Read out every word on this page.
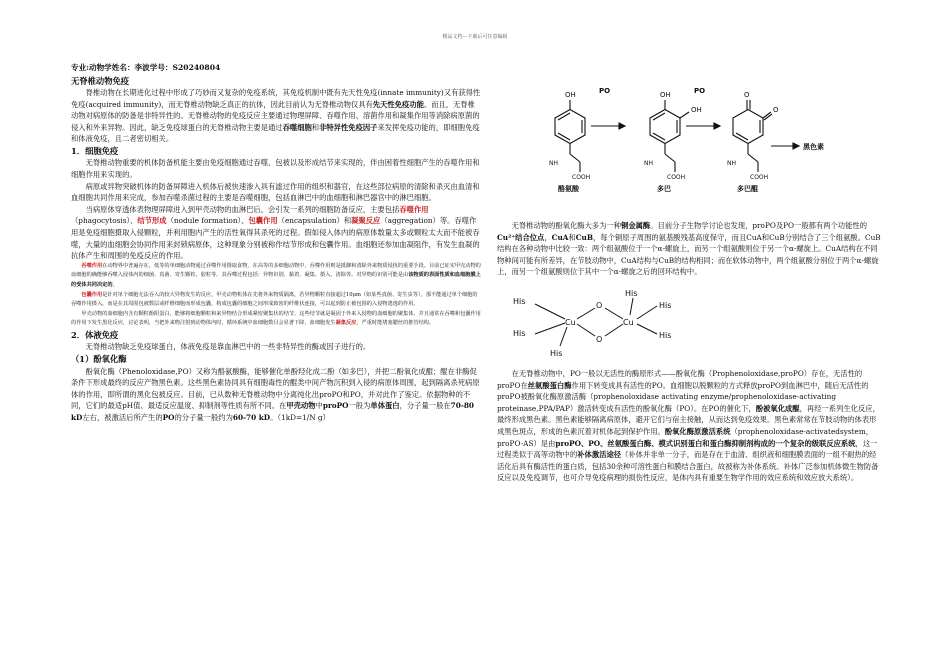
精品文档---下载后可任意编辑

专业:动物学姓名：李波学号：S20240804

无脊椎动物免疫

脊椎动物在长期进化过程中形成了巧妙而又复杂的免疫系统，其免疫机制中既有先天性免疫(innate immunity)又有获得性免疫(acquired immunity)，而无脊椎动物缺乏真正的抗体，因此目前认为无脊椎动物仅具有先天性免疫功能。而且，无脊椎动物对病原体的防备是非特异性的。无脊椎动物的免疫反应主要通过物理屏障、吞噬作用、溶菌作用和凝集作用等消除病原菌的侵入和外来异物。因此，缺乏免疫球蛋白的无脊椎动物主要是通过吞噬细胞和非特异性免疫因子来发挥免疫功能的，即细胞免疫和体液免疫，且二者密切相关。

1．细胞免疫

无脊椎动物重要的机体防备机能主要由免疫细胞通过吞噬、包被以及形成结节来实现的，伴由困着性细胞产生的吞噬作用和细胞作用来实现的。

病原或异物突破机体的防备屏障进入机体后被快速渗入具有滤过作用的组织和器官，在这些部位病原的清除和杀灭由血清和血细胞共同作用来完成，参加吞噬杀菌过程的主要是吞噬细胞，包括血淋巴中的血细胞和淋巴器官中的淋巴细胞。

当病原体穿透体表物理屏障进入到甲壳动物的血淋巴后，会引发一系列的细胞防备反应，主要包括吞噬作用（phagocytosis）、结节形成（nodule formation）、包囊作用（encapsulation）和凝聚反应（aggregation）等。吞噬作用是免疫细胞摄取入侵颗粒，并利用胞内产生的活性氧得其杀死的过程。假如侵入体内的病原体数量太多或颗粒太大而不能被吞噬，大量的血细胞会协同作用来封锁病原体，这种现象分别被称作结节形成和包囊作用。血细胞还参加血凝阻作，有发生血凝的抗体产生和周围的免疫反应的作用。

吞噬作用在动物界中普遍存在，低等的单细胞动物通过吞噬作用摄取食物，在高等的多细胞动物中，吞噬作用则是抵御和清除外来物质侵扰的重要手段。目前已证实甲壳动物的血细胞的确能够吞噬入侵体内的细菌、真菌、寄生颗粒、胶粒等。其吞噬过程包括：异物识别、黏着、凝集、摄入、清除等。对异物的识别可能是由该物质的表面性质和血细胞膜上的受体共同决定的。

包囊作用是针对单个细胞无法吞入的较大异物发生的反应，甲壳动物机体在先将外来物质隔离，若异物颗粒直接超过10μm（如某些真菌、寄生虫等），那不能通过单个细胞的吞噬作用摄入，而是在其周围包被数层或纤维细胞而形成包囊，构成包囊的细胞之间形成致密的纤维状连接，可以起到防止被包围的入侵物逃逸的作用。

甲壳动物的血细胞内含有颗粒酚阳蛋白，能够将细胞颗粒和来异物结合形成紧密聚集状的结节，这些结节就是凝固于外来入侵物的血细胞的聚集体，并且通常在吞噬和包囊作用的作用下发生黑化反应，讨论表明，当把外来物注射到动物体内时，循环系统中血细胞数目会显著下降，血细胞发生凝集反应，严重时能堵塞腮丝的推管结构。

2．体液免疫

无脊椎动物缺乏免疫球蛋白，体液免疫是靠血淋巴中的一些非特异性的酶或因子进行的。

（1）酚氧化酶

酚氧化酶（Phenoloxidase,PO）又称为酪氨酸酶，能够催化单酚羟化成二酚（如多巴），并把二酚氧化成醌；醌在非酶促条件下形成最终的反应产物黑色素。这些黑色素协同具有细胞毒性的醌类中间产物沉积到入侵的病原体周围，起到隔离杀死病原体的作用，即所谓的黑化包被反应。目前，已从数种无脊椎动物中分离纯化出proPO和PO，并对此作了鉴定。依据物种的不同，它们的最适pH值、最适反应温度、抑制剂等性质有所不同。在甲壳动物中proPO一般为单体蛋白，分子量一般在70-80 kD左右，被激活后所产生的PO的分子量一般约为60-70 kD。（1kD=1/N g）

OH	OH
OH
O
O
PO	PO
黑色素
NH	NH	NH
COOH	COOH	COOH
酪氨酸	多巴	多巴醌

无脊椎动物的酚氧化酶大多为一种铜金属酶。目前分子生物学讨论也发现，proPO及PO一般都有两个功能性的Cu²⁺结合位点，CuA和CuB，每个铜原子周围的氨基酸残基高度保守，而且CuA和CuB分别结合了三个组氨酸。CuB结构在各种动物中比较一致：两个组氨酸位于一个α-螺旋上，而另一个组氨酸则位于另一个α-螺旋上。CuA结构在不同物种间可能有所差异，在节肢动物中，CuA结构与CuB的结构相同；而在软体动物中，两个组氨酸分别位于两个α-螺旋上，而另一个组氨酸则位于其中一个α-螺旋之后的回环结构中。

His
His
His
His
His
His
Cu	Cu
O
O

在无脊椎动物中，PO一般以无活性的酶原形式——酚氧化酶（Prophenoloxidase,proPO）存在，无活性的proPO在丝氨酸蛋白酶作用下转变成具有活性的PO。血细胞以脱颗粒的方式释放proPO到血淋巴中，随后无活性的proPO被酚氧化酶原激活酶（prophenoloxidase activating enzyme/prophenoloxidase-activating proteinase,PPA/PAP）激活转变成有活性的酚氧化酶（PO）。在PO的催化下，酚被氧化成醌，再经一系列生化反应，最终形成黑色素。黑色素能够隔离病原体，避开它们与宿主接触，从而达到免疫效果。黑色素常常在节肢动物的体表形成黑色斑点，形成的色素沉着对机体起到保护作用。酚氧化酶原激活系统（prophenoloxidase-activatedsystem，proPO-AS）是由proPO、PO、丝氨酸蛋白酶、模式识别蛋白和蛋白酶抑制剂构成的一个复杂的级联反应系统，这一过程类似于高等动物中的补体激活途径（补体并非单一分子，而是存在于血清、组织液和细胞膜表面的一组不耐热的经活化后具有酶活性的蛋白质，包括30余种可溶性蛋白和膜结合蛋白，故被称为补体系统。补体广泛参加机体微生物防备反应以及免疫调节，也可介导免疫病理的损伤性反应，是体内具有重要生物学作用的效应系统和效应放大系统）。
